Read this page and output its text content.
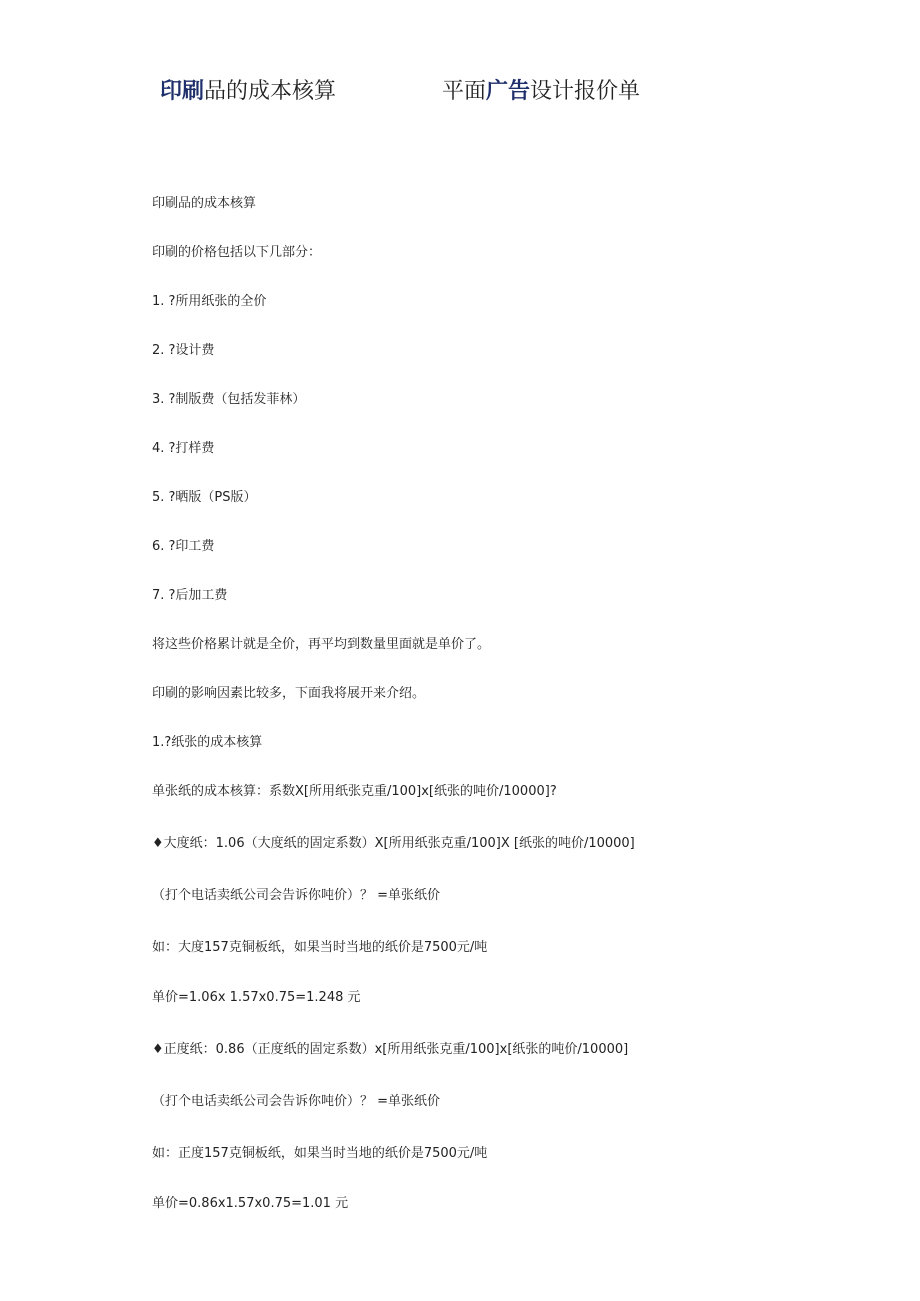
印刷品的成本核算	平面广告设计报价单
印刷品的成本核算
印刷的价格包括以下几部分：
1. ?所用纸张的全价
2. ?设计费
3. ?制版费（包括发菲林）
4. ?打样费
5. ?晒版（PS版）
6. ?印工费
7. ?后加工费
将这些价格累计就是全价，再平均到数量里面就是单价了。
印刷的影响因素比较多，下面我将展开来介绍。
1.?纸张的成本核算
单张纸的成本核算：系数X[所用纸张克重/100]x[纸张的吨价/10000]?
♦大度纸：1.06（大度纸的固定系数）X[所用纸张克重/100]X [纸张的吨价/10000]
（打个电话卖纸公司会告诉你吨价）？ =单张纸价
如：大度157克铜板纸，如果当时当地的纸价是7500元/吨
单价=1.06x 1.57x0.75=1.248 元
♦正度纸：0.86（正度纸的固定系数）x[所用纸张克重/100]x[纸张的吨价/10000]
（打个电话卖纸公司会告诉你吨价）？ =单张纸价
如：正度157克铜板纸，如果当时当地的纸价是7500元/吨
单价=0.86x1.57x0.75=1.01 元
